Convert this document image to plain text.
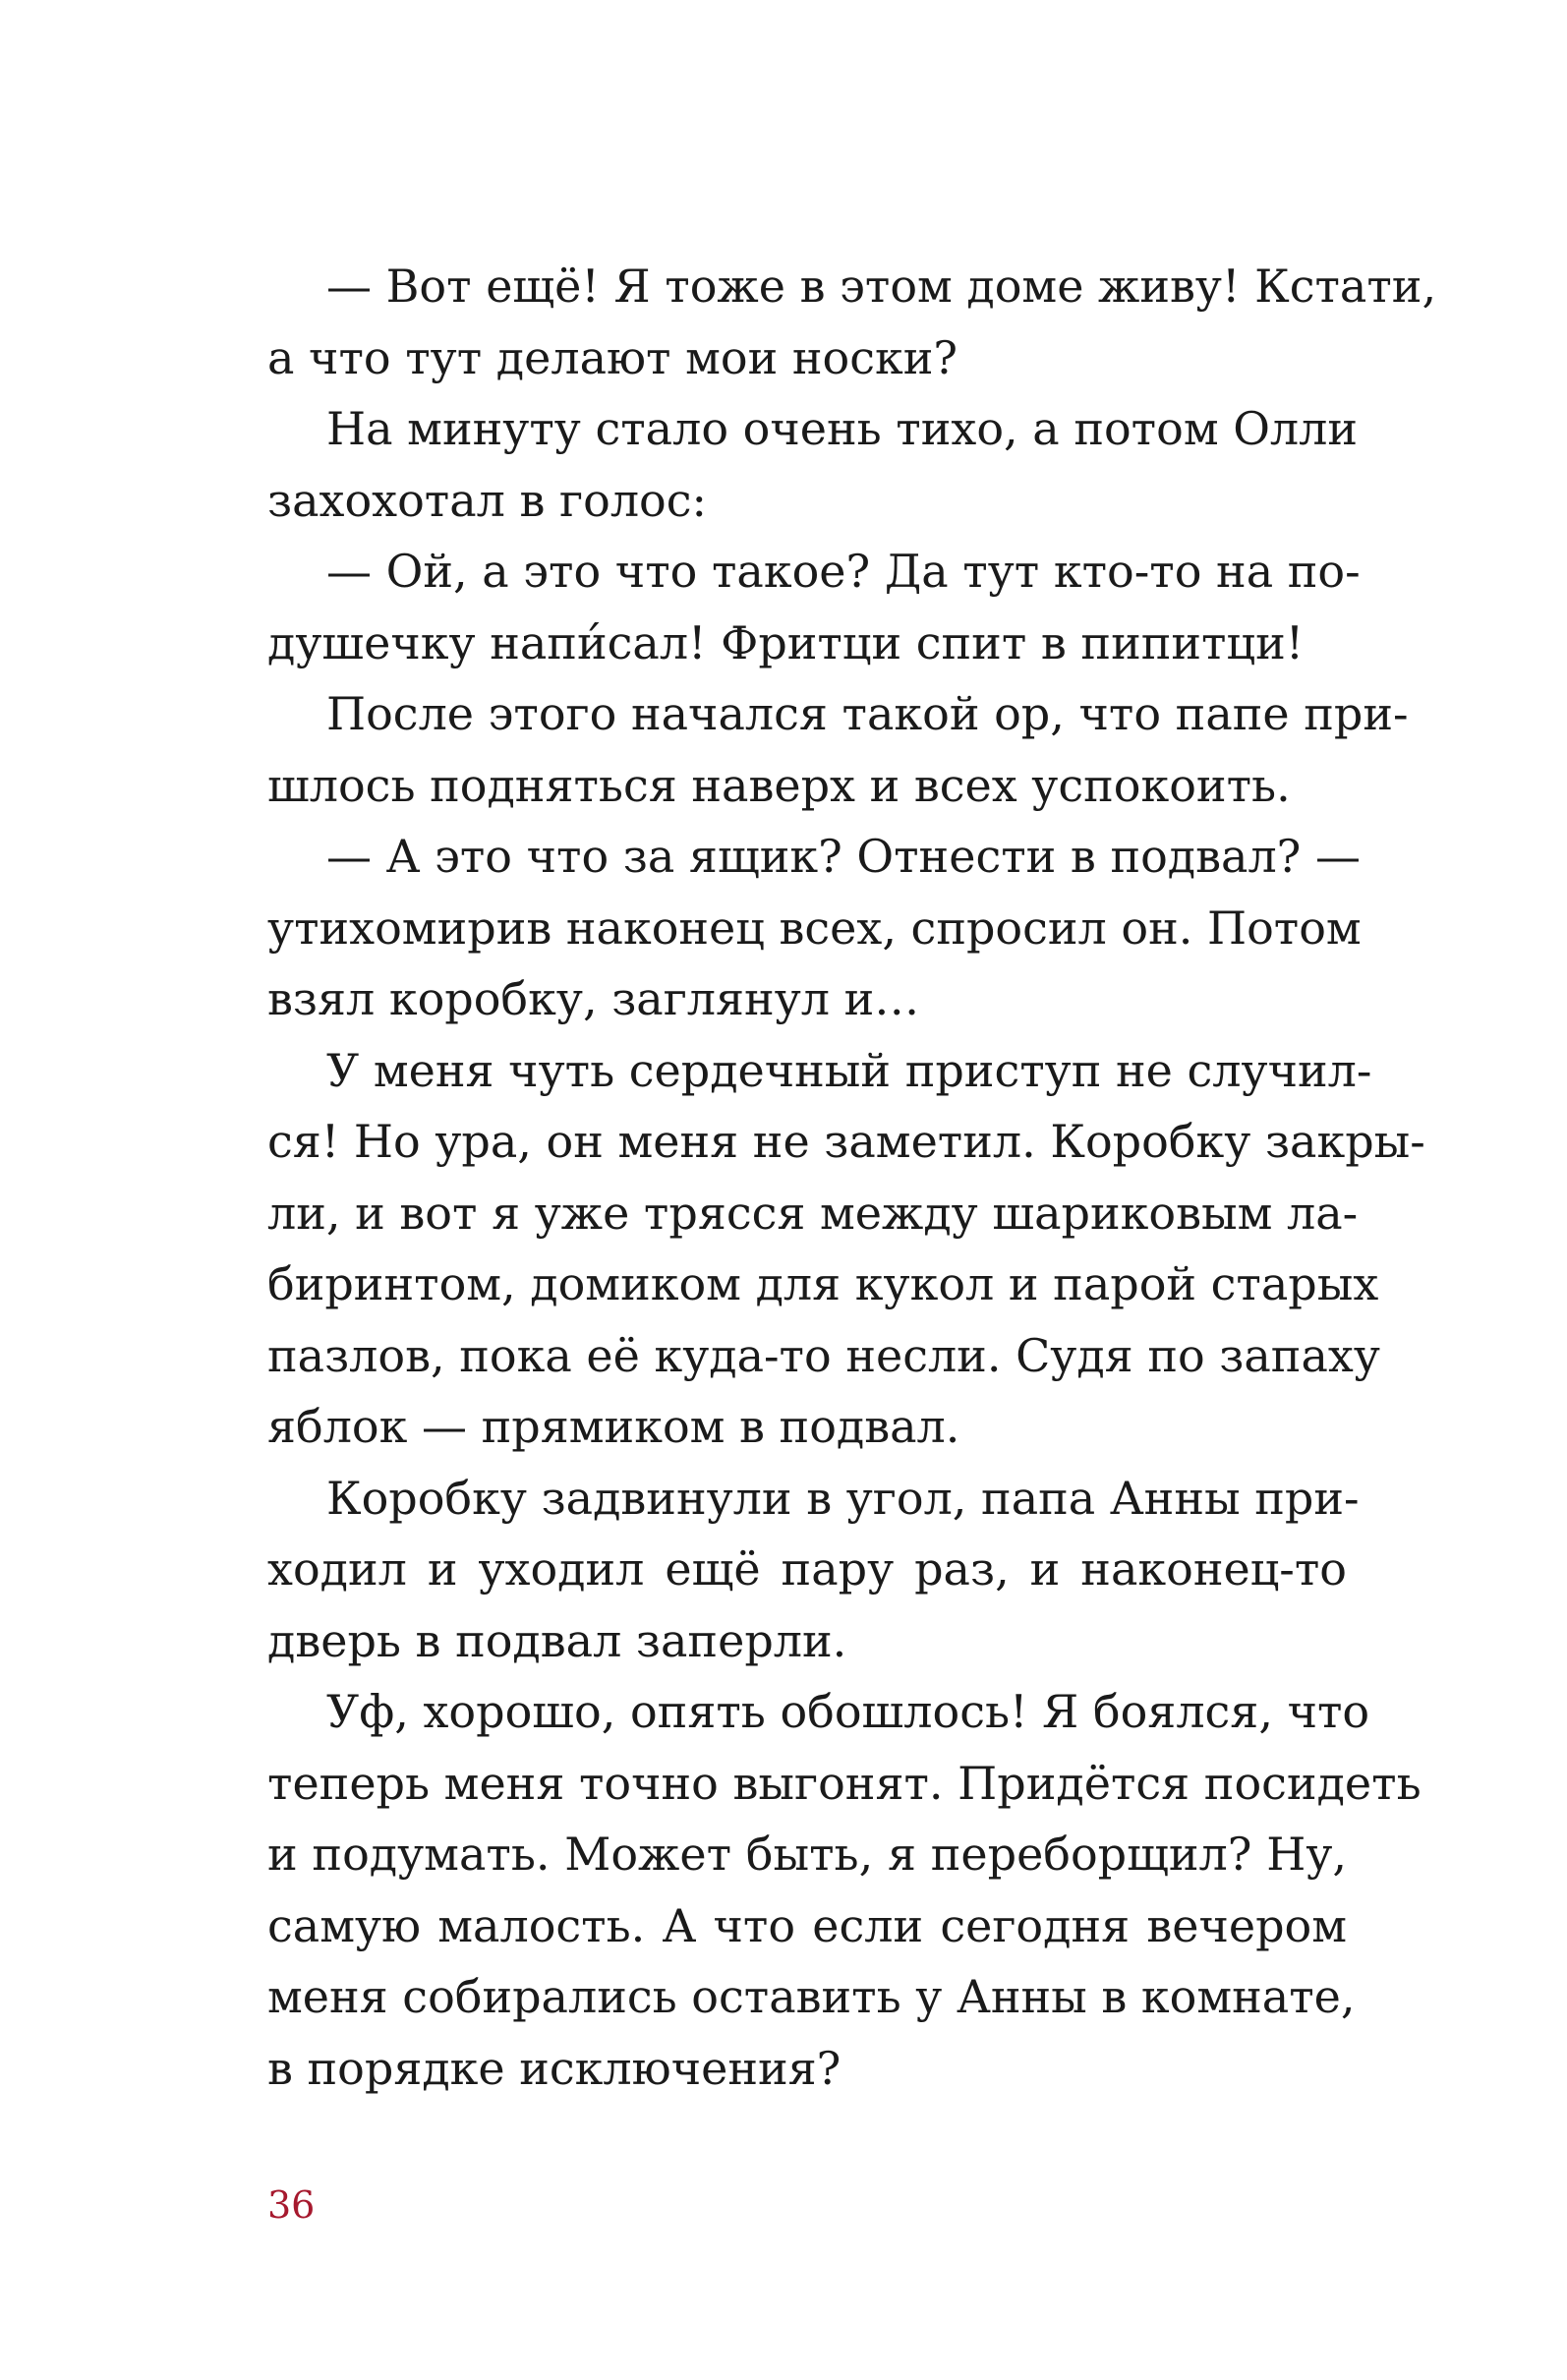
— Вот ещё! Я тоже в этом доме живу! Кстати,
а что тут делают мои носки?
На минуту стало очень тихо, а потом Олли
захохотал в голос:
— Ой, а это что такое? Да тут кто-то на по-
душечку напи́сал! Фритци спит в пипитци!
После этого начался такой ор, что папе при-
шлось подняться наверх и всех успокоить.
— А это что за ящик? Отнести в подвал? —
утихомирив наконец всех, спросил он. Потом
взял коробку, заглянул и…
У меня чуть сердечный приступ не случил-
ся! Но ура, он меня не заметил. Коробку закры-
ли, и вот я уже трясся между шариковым ла-
биринтом, домиком для кукол и парой старых
пазлов, пока её куда-то несли. Судя по запаху
яблок — прямиком в подвал.
Коробку задвинули в угол, папа Анны при-
ходил и уходил ещё пару раз, и наконец-то
дверь в подвал заперли.
Уф, хорошо, опять обошлось! Я боялся, что
теперь меня точно выгонят. Придётся посидеть
и подумать. Может быть, я переборщил? Ну,
самую малость. А что если сегодня вечером
меня собирались оставить у Анны в комнате,
в порядке исключения?
36
